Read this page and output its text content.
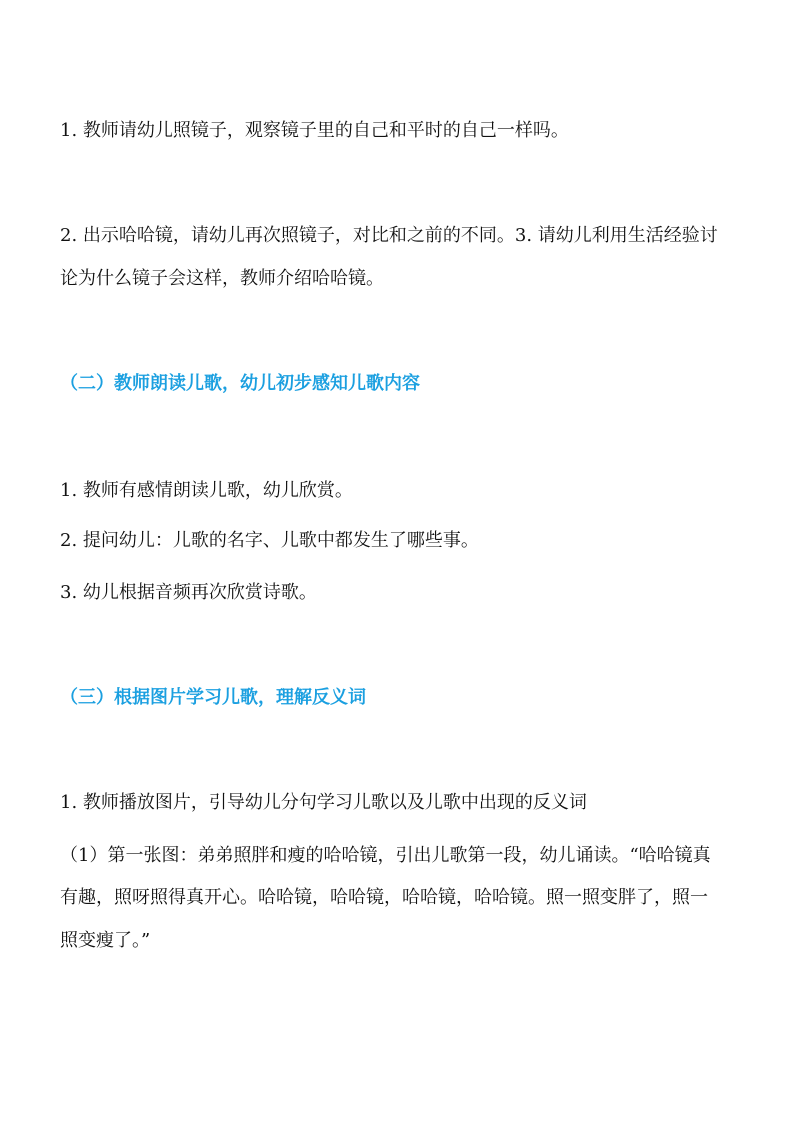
1. 教师请幼儿照镜子，观察镜子里的自己和平时的自己一样吗。
2. 出示哈哈镜，请幼儿再次照镜子，对比和之前的不同。3. 请幼儿利用生活经验讨
论为什么镜子会这样，教师介绍哈哈镜。
（二）教师朗读儿歌，幼儿初步感知儿歌内容
1. 教师有感情朗读儿歌，幼儿欣赏。
2. 提问幼儿：儿歌的名字、儿歌中都发生了哪些事。
3. 幼儿根据音频再次欣赏诗歌。
（三）根据图片学习儿歌，理解反义词
1. 教师播放图片，引导幼儿分句学习儿歌以及儿歌中出现的反义词
（1）第一张图：弟弟照胖和瘦的哈哈镜，引出儿歌第一段，幼儿诵读。“哈哈镜真
有趣，照呀照得真开心。哈哈镜，哈哈镜，哈哈镜，哈哈镜。照一照变胖了，照一
照变瘦了。”
